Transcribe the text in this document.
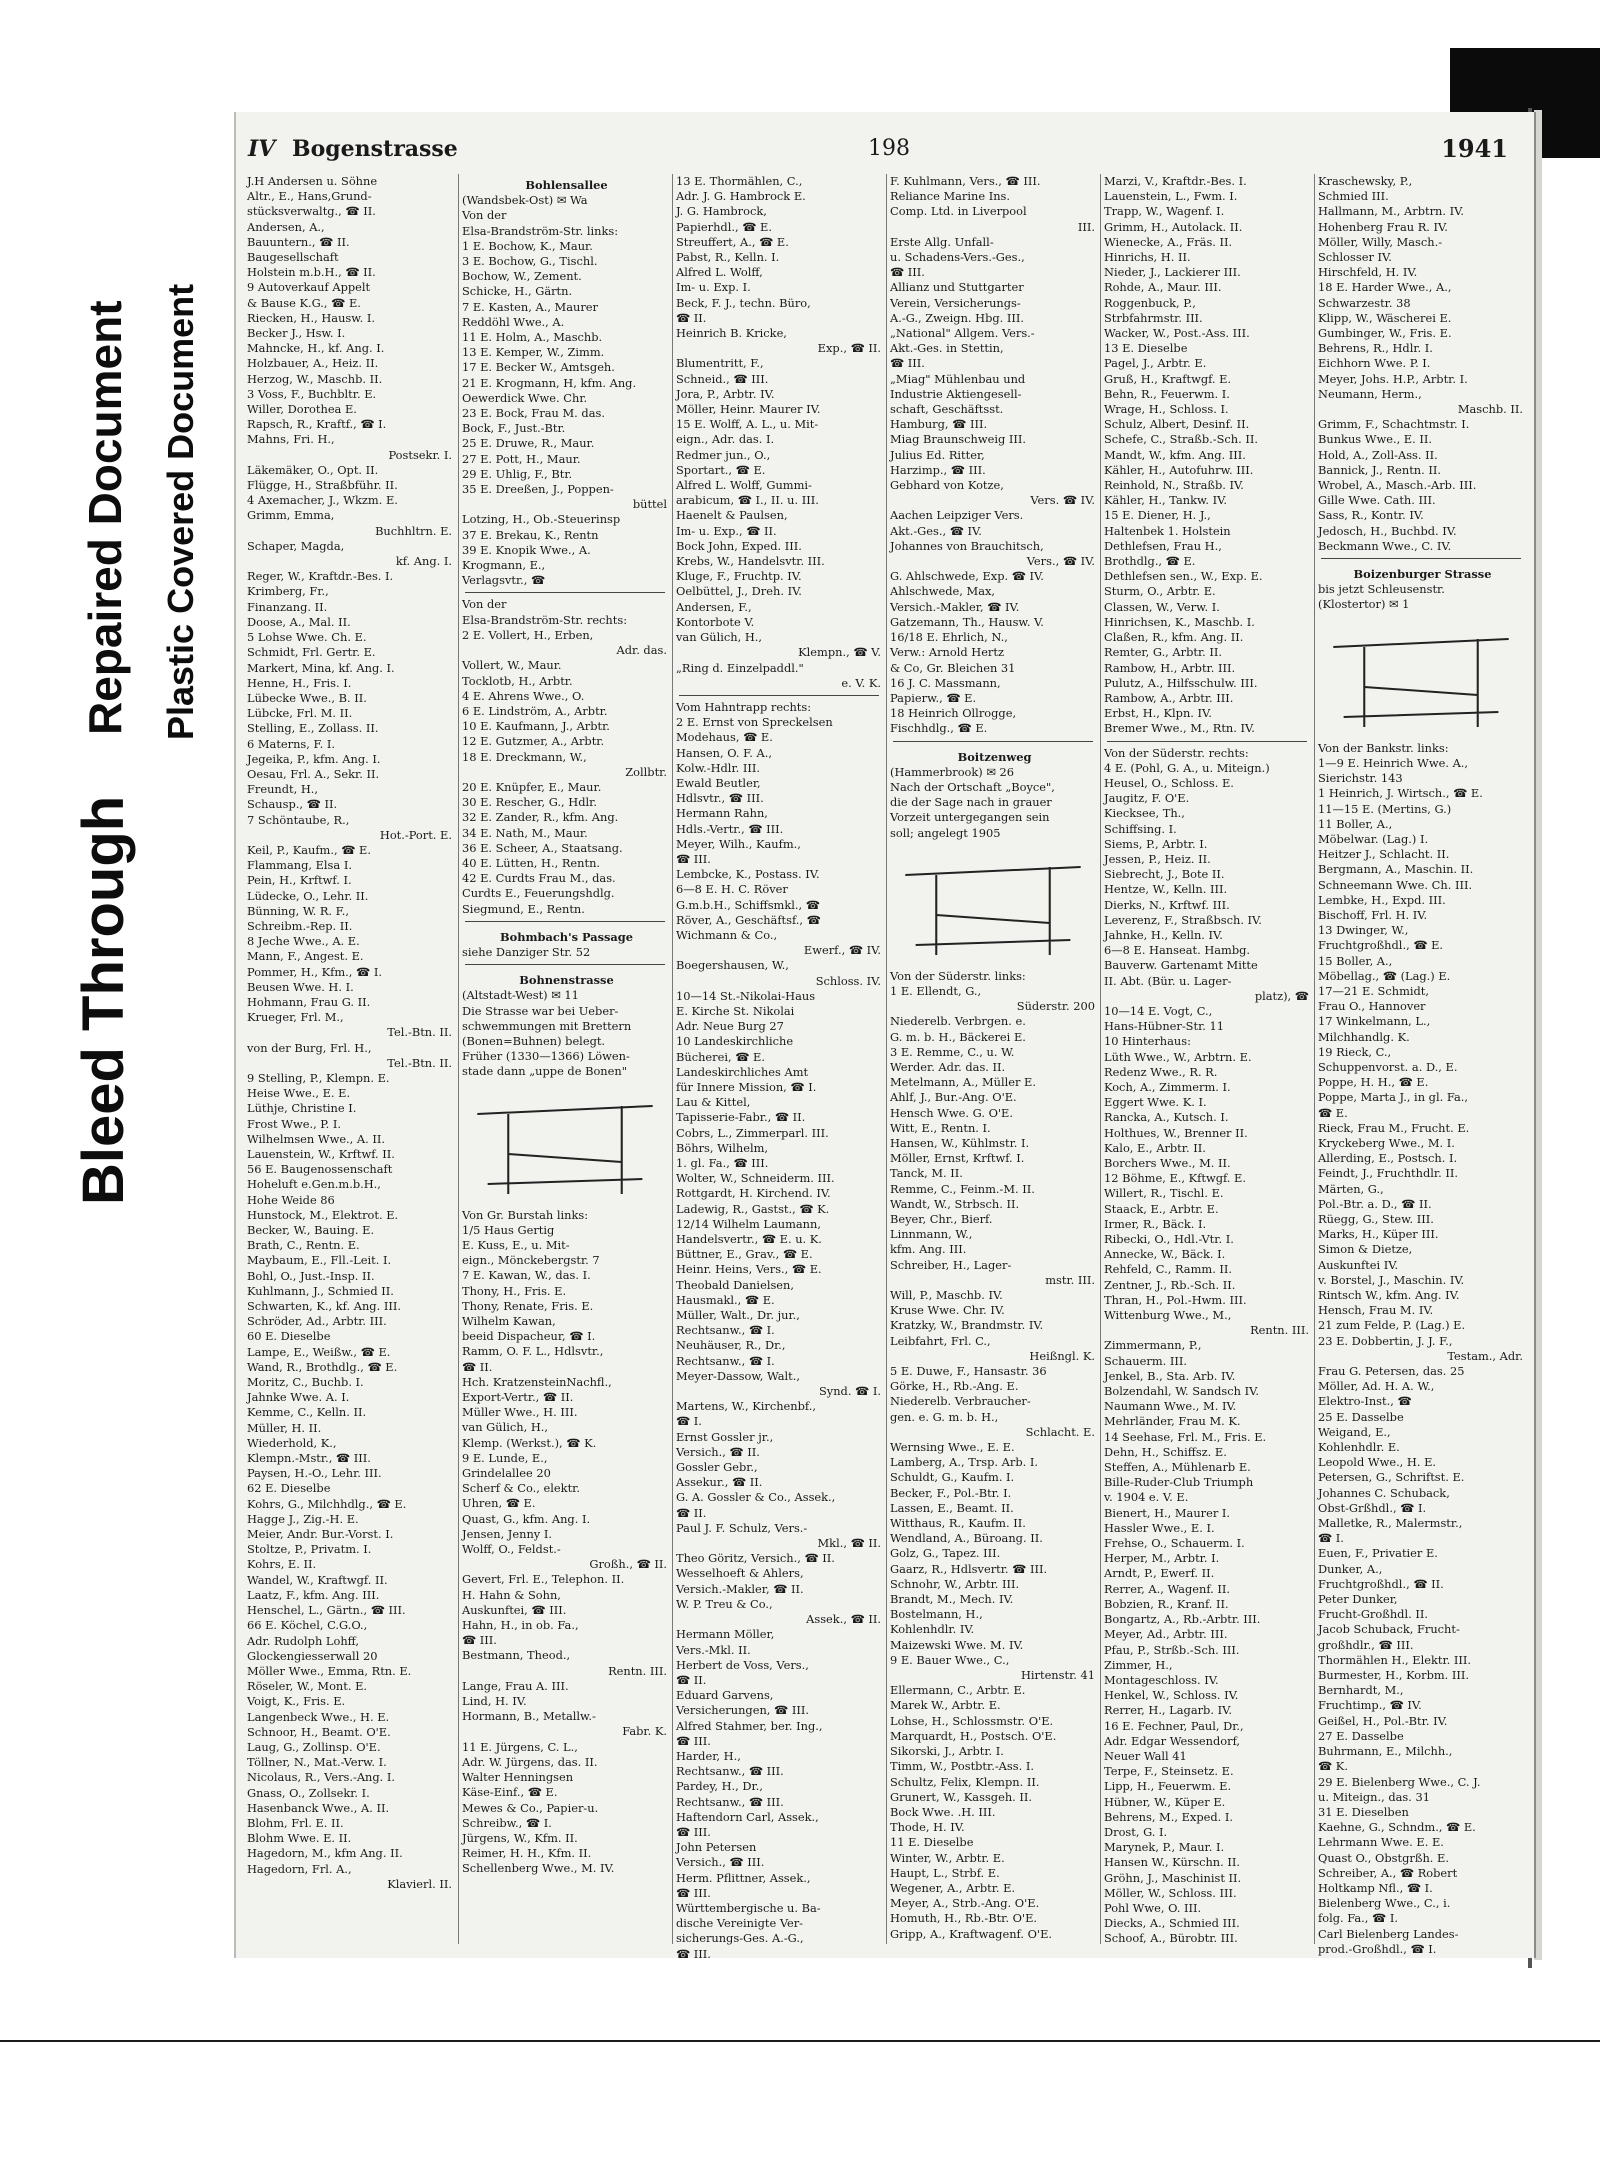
Bleed Through
Repaired Document Plastic Covered Document
IV Bogenstrasse	198	1941
J.H Andersen u. Söhne
Altr., E., Hans,Grund-
stücksverwaltg., ☎ II.
Andersen, A.,
Bauuntern., ☎ II.
Baugesellschaft
Holstein m.b.H., ☎ II.
9 Autoverkauf Appelt
& Bause K.G., ☎ E.
Riecken, H., Hausw. I.
Becker J., Hsw. I.
Mahncke, H., kf. Ang. I.
Holzbauer, A., Heiz. II.
Herzog, W., Maschb. II.
3 Voss, F., Buchbltr. E.
Willer, Dorothea E.
Rapsch, R., Kraftf., ☎ I.
Mahns, Fri. H.,
Postsekr. I.
Läkemäker, O., Opt. II.
Flügge, H., Straßbführ. II.
4 Axemacher, J., Wkzm. E.
Grimm, Emma,
Buchhltrn. E.
Schaper, Magda,
kf. Ang. I.
Reger, W., Kraftdr.-Bes. I.
Krimberg, Fr.,
Finanzang. II.
Doose, A., Mal. II.
5 Lohse Wwe. Ch. E.
Schmidt, Frl. Gertr. E.
Markert, Mina, kf. Ang. I.
Henne, H., Fris. I.
Lübecke Wwe., B. II.
Lübcke, Frl. M. II.
Stelling, E., Zollass. II.
6 Materns, F. I.
Jegeika, P., kfm. Ang. I.
Oesau, Frl. A., Sekr. II.
Freundt, H.,
Schausp., ☎ II.
7 Schöntaube, R.,
Hot.-Port. E.
Keil, P., Kaufm., ☎ E.
Flammang, Elsa I.
Pein, H., Krftwf. I.
Lüdecke, O., Lehr. II.
Bünning, W. R. F.,
Schreibm.-Rep. II.
8 Jeche Wwe., A. E.
Mann, F., Angest. E.
Pommer, H., Kfm., ☎ I.
Beusen Wwe. H. I.
Hohmann, Frau G. II.
Krueger, Frl. M.,
Tel.-Btn. II.
von der Burg, Frl. H.,
Tel.-Btn. II.
9 Stelling, P., Klempn. E.
Heise Wwe., E. E.
Lüthje, Christine I.
Frost Wwe., P. I.
Wilhelmsen Wwe., A. II.
Lauenstein, W., Krftwf. II.
56 E. Baugenossenschaft
Hoheluft e.Gen.m.b.H.,
Hohe Weide 86
Hunstock, M., Elektrot. E.
Becker, W., Bauing. E.
Brath, C., Rentn. E.
Maybaum, E., Fll.-Leit. I.
Bohl, O., Just.-Insp. II.
Kuhlmann, J., Schmied II.
Schwarten, K., kf. Ang. III.
Schröder, Ad., Arbtr. III.
60 E. Dieselbe
Lampe, E., Weißw., ☎ E.
Wand, R., Brothdlg., ☎ E.
Moritz, C., Buchb. I.
Jahnke Wwe. A. I.
Kemme, C., Kelln. II.
Müller, H. II.
Wiederhold, K.,
Klempn.-Mstr., ☎ III.
Paysen, H.-O., Lehr. III.
62 E. Dieselbe
Kohrs, G., Milchhdlg., ☎ E.
Hagge J., Zig.-H. E.
Meier, Andr. Bur.-Vorst. I.
Stoltze, P., Privatm. I.
Kohrs, E. II.
Wandel, W., Kraftwgf. II.
Laatz, F., kfm. Ang. III.
Henschel, L., Gärtn., ☎ III.
66 E. Köchel, C.G.O.,
Adr. Rudolph Lohff,
Glockengiesserwall 20
Möller Wwe., Emma, Rtn. E.
Röseler, W., Mont. E.
Voigt, K., Fris. E.
Langenbeck Wwe., H. E.
Schnoor, H., Beamt. O'E.
Laug, G., Zollinsp. O'E.
Töllner, N., Mat.-Verw. I.
Nicolaus, R., Vers.-Ang. I.
Gnass, O., Zollsekr. I.
Hasenbanck Wwe., A. II.
Blohm, Frl. E. II.
Blohm Wwe. E. II.
Hagedorn, M., kfm Ang. II.
Hagedorn, Frl. A.,
Klavierl. II.
Bohlensallee
(Wandsbek-Ost) ✉ Wa
Von der
Elsa-Brandström-Str. links:
1 E. Bochow, K., Maur.
3 E. Bochow, G., Tischl.
Bochow, W., Zement.
Schicke, H., Gärtn.
7 E. Kasten, A., Maurer
Reddöhl Wwe., A.
11 E. Holm, A., Maschb.
13 E. Kemper, W., Zimm.
17 E. Becker W., Amtsgeh.
21 E. Krogmann, H, kfm. Ang.
Oewerdick Wwe. Chr.
23 E. Bock, Frau M. das.
Bock, F., Just.-Btr.
25 E. Druwe, R., Maur.
27 E. Pott, H., Maur.
29 E. Uhlig, F., Btr.
35 E. Dreeßen, J., Poppen-
büttel
Lotzing, H., Ob.-Steuerinsp
37 E. Brekau, K., Rentn
39 E. Knopik Wwe., A.
Krogmann, E.,
Verlagsvtr., ☎
Von der
Elsa-Brandström-Str. rechts:
2 E. Vollert, H., Erben,
Adr. das.
Vollert, W., Maur.
Tocklotb, H., Arbtr.
4 E. Ahrens Wwe., O.
6 E. Lindström, A., Arbtr.
10 E. Kaufmann, J., Arbtr.
12 E. Gutzmer, A., Arbtr.
18 E. Dreckmann, W.,
Zollbtr.
20 E. Knüpfer, E., Maur.
30 E. Rescher, G., Hdlr.
32 E. Zander, R., kfm. Ang.
34 E. Nath, M., Maur.
36 E. Scheer, A., Staatsang.
40 E. Lütten, H., Rentn.
42 E. Curdts Frau M., das.
Curdts E., Feuerungshdlg.
Siegmund, E., Rentn.
Bohmbach's Passage
siehe Danziger Str. 52
Bohnenstrasse
(Altstadt-West) ✉ 11
Die Strasse war bei Ueber-
schwemmungen mit Brettern
(Bonen=Buhnen) belegt.
Früher (1330—1366) Löwen-
stade dann „uppe de Bonen"
Von Gr. Burstah links:
1/5 Haus Gertig
E. Kuss, E., u. Mit-
eign., Mönckebergstr. 7
7 E. Kawan, W., das. I.
Thony, H., Fris. E.
Thony, Renate, Fris. E.
Wilhelm Kawan,
beeid Dispacheur, ☎ I.
Ramm, O. F. L., Hdlsvtr.,
☎ II.
Hch. KratzensteinNachfl.,
Export-Vertr., ☎ II.
Müller Wwe., H. III.
van Gülich, H.,
Klemp. (Werkst.), ☎ K.
9 E. Lunde, E.,
Grindelallee 20
Scherf & Co., elektr.
Uhren, ☎ E.
Quast, G., kfm. Ang. I.
Jensen, Jenny I.
Wolff, O., Feldst.-
Großh., ☎ II.
Gevert, Frl. E., Telephon. II.
H. Hahn & Sohn,
Auskunftei, ☎ III.
Hahn, H., in ob. Fa.,
☎ III.
Bestmann, Theod.,
Rentn. III.
Lange, Frau A. III.
Lind, H. IV.
Hormann, B., Metallw.-
Fabr. K.
11 E. Jürgens, C. L.,
Adr. W. Jürgens, das. II.
Walter Henningsen
Käse-Einf., ☎ E.
Mewes & Co., Papier-u.
Schreibw., ☎ I.
Jürgens, W., Kfm. II.
Reimer, H. H., Kfm. II.
Schellenberg Wwe., M. IV.
13 E. Thormählen, C.,
Adr. J. G. Hambrock E.
J. G. Hambrock,
Papierhdl., ☎ E.
Streuffert, A., ☎ E.
Pabst, R., Kelln. I.
Alfred L. Wolff,
Im- u. Exp. I.
Beck, F. J., techn. Büro,
☎ II.
Heinrich B. Kricke,
Exp., ☎ II.
Blumentritt, F.,
Schneid., ☎ III.
Jora, P., Arbtr. IV.
Möller, Heinr. Maurer IV.
15 E. Wolff, A. L., u. Mit-
eign., Adr. das. I.
Redmer jun., O.,
Sportart., ☎ E.
Alfred L. Wolff, Gummi-
arabicum, ☎ I., II. u. III.
Haenelt & Paulsen,
Im- u. Exp., ☎ II.
Bock John, Exped. III.
Krebs, W., Handelsvtr. III.
Kluge, F., Fruchtp. IV.
Oelbüttel, J., Dreh. IV.
Andersen, F.,
Kontorbote V.
van Gülich, H.,
Klempn., ☎ V.
„Ring d. Einzelpaddl."
e. V. K.
Vom Hahntrapp rechts:
2 E. Ernst von Spreckelsen
Modehaus, ☎ E.
Hansen, O. F. A.,
Kolw.-Hdlr. III.
Ewald Beutler,
Hdlsvtr., ☎ III.
Hermann Rahn,
Hdls.-Vertr., ☎ III.
Meyer, Wilh., Kaufm.,
☎ III.
Lembcke, K., Postass. IV.
6—8 E. H. C. Röver
G.m.b.H., Schiffsmkl., ☎
Röver, A., Geschäftsf., ☎
Wichmann & Co.,
Ewerf., ☎ IV.
Boegershausen, W.,
Schloss. IV.
10—14 St.-Nikolai-Haus
E. Kirche St. Nikolai
Adr. Neue Burg 27
10 Landeskirchliche
Bücherei, ☎ E.
Landeskirchliches Amt
für Innere Mission, ☎ I.
Lau & Kittel,
Tapisserie-Fabr., ☎ II.
Cobrs, L., Zimmerparl. III.
Böhrs, Wilhelm,
1. gl. Fa., ☎ III.
Wolter, W., Schneiderm. III.
Rottgardt, H. Kirchend. IV.
Ladewig, R., Gastst., ☎ K.
12/14 Wilhelm Laumann,
Handelsvertr., ☎ E. u. K.
Büttner, E., Grav., ☎ E.
Heinr. Heins, Vers., ☎ E.
Theobald Danielsen,
Hausmakl., ☎ E.
Müller, Walt., Dr. jur.,
Rechtsanw., ☎ I.
Neuhäuser, R., Dr.,
Rechtsanw., ☎ I.
Meyer-Dassow, Walt.,
Synd. ☎ I.
Martens, W., Kirchenbf.,
☎ I.
Ernst Gossler jr.,
Versich., ☎ II.
Gossler Gebr.,
Assekur., ☎ II.
G. A. Gossler & Co., Assek.,
☎ II.
Paul J. F. Schulz, Vers.-
Mkl., ☎ II.
Theo Göritz, Versich., ☎ II.
Wesselhoeft & Ahlers,
Versich.-Makler, ☎ II.
W. P. Treu & Co.,
Assek., ☎ II.
Hermann Möller,
Vers.-Mkl. II.
Herbert de Voss, Vers.,
☎ II.
Eduard Garvens,
Versicherungen, ☎ III.
Alfred Stahmer, ber. Ing.,
☎ III.
Harder, H.,
Rechtsanw., ☎ III.
Pardey, H., Dr.,
Rechtsanw., ☎ III.
Haftendorn Carl, Assek.,
☎ III.
John Petersen
Versich., ☎ III.
Herm. Pflittner, Assek.,
☎ III.
Württembergische u. Ba-
dische Vereinigte Ver-
sicherungs-Ges. A.-G.,
☎ III.
F. Kuhlmann, Vers., ☎ III.
Reliance Marine Ins.
Comp. Ltd. in Liverpool
III.
Erste Allg. Unfall-
u. Schadens-Vers.-Ges.,
☎ III.
Allianz und Stuttgarter
Verein, Versicherungs-
A.-G., Zweign. Hbg. III.
„National" Allgem. Vers.-
Akt.-Ges. in Stettin,
☎ III.
„Miag" Mühlenbau und
Industrie Aktiengesell-
schaft, Geschäftsst.
Hamburg, ☎ III.
Miag Braunschweig III.
Julius Ed. Ritter,
Harzimp., ☎ III.
Gebhard von Kotze,
Vers. ☎ IV.
Aachen Leipziger Vers.
Akt.-Ges., ☎ IV.
Johannes von Brauchitsch,
Vers., ☎ IV.
G. Ahlschwede, Exp. ☎ IV.
Ahlschwede, Max,
Versich.-Makler, ☎ IV.
Gatzemann, Th., Hausw. V.
16/18 E. Ehrlich, N.,
Verw.: Arnold Hertz
& Co, Gr. Bleichen 31
16 J. C. Massmann,
Papierw., ☎ E.
18 Heinrich Ollrogge,
Fischhdlg., ☎ E.
Boitzenweg
(Hammerbrook) ✉ 26
Nach der Ortschaft „Boyce",
die der Sage nach in grauer
Vorzeit untergegangen sein
soll; angelegt 1905
Von der Süderstr. links:
1 E. Ellendt, G.,
Süderstr. 200
Niederelb. Verbrgen. e.
G. m. b. H., Bäckerei E.
3 E. Remme, C., u. W.
Werder. Adr. das. II.
Metelmann, A., Müller E.
Ahlf, J., Bur.-Ang. O'E.
Hensch Wwe. G. O'E.
Witt, E., Rentn. I.
Hansen, W., Kühlmstr. I.
Möller, Ernst, Krftwf. I.
Tanck, M. II.
Remme, C., Feinm.-M. II.
Wandt, W., Strbsch. II.
Beyer, Chr., Bierf.
Linnmann, W.,
kfm. Ang. III.
Schreiber, H., Lager-
mstr. III.
Will, P., Maschb. IV.
Kruse Wwe. Chr. IV.
Kratzky, W., Brandmstr. IV.
Leibfahrt, Frl. C.,
Heißngl. K.
5 E. Duwe, F., Hansastr. 36
Görke, H., Rb.-Ang. E.
Niederelb. Verbraucher-
gen. e. G. m. b. H.,
Schlacht. E.
Wernsing Wwe., E. E.
Lamberg, A., Trsp. Arb. I.
Schuldt, G., Kaufm. I.
Becker, F., Pol.-Btr. I.
Lassen, E., Beamt. II.
Witthaus, R., Kaufm. II.
Wendland, A., Büroang. II.
Golz, G., Tapez. III.
Gaarz, R., Hdlsvertr. ☎ III.
Schnohr, W., Arbtr. III.
Brandt, M., Mech. IV.
Bostelmann, H.,
Kohlenhdlr. IV.
Maizewski Wwe. M. IV.
9 E. Bauer Wwe., C.,
Hirtenstr. 41
Ellermann, C., Arbtr. E.
Marek W., Arbtr. E.
Lohse, H., Schlossmstr. O'E.
Marquardt, H., Postsch. O'E.
Sikorski, J., Arbtr. I.
Timm, W., Postbtr.-Ass. I.
Schultz, Felix, Klempn. II.
Grunert, W., Kassgeh. II.
Bock Wwe. .H. III.
Thode, H. IV.
11 E. Dieselbe
Winter, W., Arbtr. E.
Haupt, L., Strbf. E.
Wegener, A., Arbtr. E.
Meyer, A., Strb.-Ang. O'E.
Homuth, H., Rb.-Btr. O'E.
Gripp, A., Kraftwagenf. O'E.
Marzi, V., Kraftdr.-Bes. I.
Lauenstein, L., Fwm. I.
Trapp, W., Wagenf. I.
Grimm, H., Autolack. II.
Wienecke, A., Fräs. II.
Hinrichs, H. II.
Nieder, J., Lackierer III.
Rohde, A., Maur. III.
Roggenbuck, P.,
Strbfahrmstr. III.
Wacker, W., Post.-Ass. III.
13 E. Dieselbe
Pagel, J., Arbtr. E.
Gruß, H., Kraftwgf. E.
Behn, R., Feuerwm. I.
Wrage, H., Schloss. I.
Schulz, Albert, Desinf. II.
Schefe, C., Straßb.-Sch. II.
Mandt, W., kfm. Ang. III.
Kähler, H., Autofuhrw. III.
Reinhold, N., Straßb. IV.
Kähler, H., Tankw. IV.
15 E. Diener, H. J.,
Haltenbek 1. Holstein
Dethlefsen, Frau H.,
Brothdlg., ☎ E.
Dethlefsen sen., W., Exp. E.
Sturm, O., Arbtr. E.
Classen, W., Verw. I.
Hinrichsen, K., Maschb. I.
Claßen, R., kfm. Ang. II.
Remter, G., Arbtr. II.
Rambow, H., Arbtr. III.
Pulutz, A., Hilfsschulw. III.
Rambow, A., Arbtr. III.
Erbst, H., Klpn. IV.
Bremer Wwe., M., Rtn. IV.
Von der Süderstr. rechts:
4 E. (Pohl, G. A., u. Miteign.)
Heusel, O., Schloss. E.
Jaugitz, F. O'E.
Kiecksee, Th.,
Schiffsing. I.
Siems, P., Arbtr. I.
Jessen, P., Heiz. II.
Siebrecht, J., Bote II.
Hentze, W., Kelln. III.
Dierks, N., Krftwf. III.
Leverenz, F., Straßbsch. IV.
Jahnke, H., Kelln. IV.
6—8 E. Hanseat. Hambg.
Bauverw. Gartenamt Mitte
II. Abt. (Bür. u. Lager-
platz), ☎
10—14 E. Vogt, C.,
Hans-Hübner-Str. 11
10 Hinterhaus:
Lüth Wwe., W., Arbtrn. E.
Redenz Wwe., R. R.
Koch, A., Zimmerm. I.
Eggert Wwe. K. I.
Rancka, A., Kutsch. I.
Holthues, W., Brenner II.
Kalo, E., Arbtr. II.
Borchers Wwe., M. II.
12 Böhme, E., Kftwgf. E.
Willert, R., Tischl. E.
Staack, E., Arbtr. E.
Irmer, R., Bäck. I.
Ribecki, O., Hdl.-Vtr. I.
Annecke, W., Bäck. I.
Rehfeld, C., Ramm. II.
Zentner, J., Rb.-Sch. II.
Thran, H., Pol.-Hwm. III.
Wittenburg Wwe., M.,
Rentn. III.
Zimmermann, P.,
Schauerm. III.
Jenkel, B., Sta. Arb. IV.
Bolzendahl, W. Sandsch IV.
Naumann Wwe., M. IV.
Mehrländer, Frau M. K.
14 Seehase, Frl. M., Fris. E.
Dehn, H., Schiffsz. E.
Steffen, A., Mühlenarb E.
Bille-Ruder-Club Triumph
v. 1904 e. V. E.
Bienert, H., Maurer I.
Hassler Wwe., E. I.
Frehse, O., Schauerm. I.
Herper, M., Arbtr. I.
Arndt, P., Ewerf. II.
Rerrer, A., Wagenf. II.
Bobzien, R., Kranf. II.
Bongartz, A., Rb.-Arbtr. III.
Meyer, Ad., Arbtr. III.
Pfau, P., Strßb.-Sch. III.
Zimmer, H.,
Montageschloss. IV.
Henkel, W., Schloss. IV.
Rerrer, H., Lagarb. IV.
16 E. Fechner, Paul, Dr.,
Adr. Edgar Wessendorf,
Neuer Wall 41
Terpe, F., Steinsetz. E.
Lipp, H., Feuerwm. E.
Hübner, W., Küper E.
Behrens, M., Exped. I.
Drost, G. I.
Marynek, P., Maur. I.
Hansen W., Kürschn. II.
Gröhn, J., Maschinist II.
Möller, W., Schloss. III.
Pohl Wwe, O. III.
Diecks, A., Schmied III.
Schoof, A., Bürobtr. III.
Kraschewsky, P.,
Schmied III.
Hallmann, M., Arbtrn. IV.
Hohenberg Frau R. IV.
Möller, Willy, Masch.-
Schlosser IV.
Hirschfeld, H. IV.
18 E. Harder Wwe., A.,
Schwarzestr. 38
Klipp, W., Wäscherei E.
Gumbinger, W., Fris. E.
Behrens, R., Hdlr. I.
Eichhorn Wwe. P. I.
Meyer, Johs. H.P., Arbtr. I.
Neumann, Herm.,
Maschb. II.
Grimm, F., Schachtmstr. I.
Bunkus Wwe., E. II.
Hold, A., Zoll-Ass. II.
Bannick, J., Rentn. II.
Wrobel, A., Masch.-Arb. III.
Gille Wwe. Cath. III.
Sass, R., Kontr. IV.
Jedosch, H., Buchbd. IV.
Beckmann Wwe., C. IV.
Boizenburger Strasse
bis jetzt Schleusenstr.
(Klostertor) ✉ 1
Von der Bankstr. links:
1—9 E. Heinrich Wwe. A.,
Sierichstr. 143
1 Heinrich, J. Wirtsch., ☎ E.
11—15 E. (Mertins, G.)
11 Boller, A.,
Möbelwar. (Lag.) I.
Heitzer J., Schlacht. II.
Bergmann, A., Maschin. II.
Schneemann Wwe. Ch. III.
Lembke, H., Expd. III.
Bischoff, Frl. H. IV.
13 Dwinger, W.,
Fruchtgroßhdl., ☎ E.
15 Boller, A.,
Möbellag., ☎ (Lag.) E.
17—21 E. Schmidt,
Frau O., Hannover
17 Winkelmann, L.,
Milchhandlg. K.
19 Rieck, C.,
Schuppenvorst. a. D., E.
Poppe, H. H., ☎ E.
Poppe, Marta J., in gl. Fa.,
☎ E.
Rieck, Frau M., Frucht. E.
Kryckeberg Wwe., M. I.
Allerding, E., Postsch. I.
Feindt, J., Fruchthdlr. II.
Märten, G.,
Pol.-Btr. a. D., ☎ II.
Rüegg, G., Stew. III.
Marks, H., Küper III.
Simon & Dietze,
Auskunftei IV.
v. Borstel, J., Maschin. IV.
Rintsch W., kfm. Ang. IV.
Hensch, Frau M. IV.
21 zum Felde, P. (Lag.) E.
23 E. Dobbertin, J. J. F.,
Testam., Adr.
Frau G. Petersen, das. 25
Möller, Ad. H. A. W.,
Elektro-Inst., ☎
25 E. Dasselbe
Weigand, E.,
Kohlenhdlr. E.
Leopold Wwe., H. E.
Petersen, G., Schriftst. E.
Johannes C. Schuback,
Obst-Grßhdl., ☎ I.
Malletke, R., Malermstr.,
☎ I.
Euen, F., Privatier E.
Dunker, A.,
Fruchtgroßhdl., ☎ II.
Peter Dunker,
Frucht-Großhdl. II.
Jacob Schuback, Frucht-
großhdlr., ☎ III.
Thormählen H., Elektr. III.
Burmester, H., Korbm. III.
Bernhardt, M.,
Fruchtimp., ☎ IV.
Geißel, H., Pol.-Btr. IV.
27 E. Dasselbe
Buhrmann, E., Milchh.,
☎ K.
29 E. Bielenberg Wwe., C. J.
u. Miteign., das. 31
31 E. Dieselben
Kaehne, G., Schndm., ☎ E.
Lehrmann Wwe. E. E.
Quast O., Obstgrßh. E.
Schreiber, A., ☎ Robert
Holtkamp Nfl., ☎ I.
Bielenberg Wwe., C., i.
folg. Fa., ☎ I.
Carl Bielenberg Landes-
prod.-Großhdl., ☎ I.
